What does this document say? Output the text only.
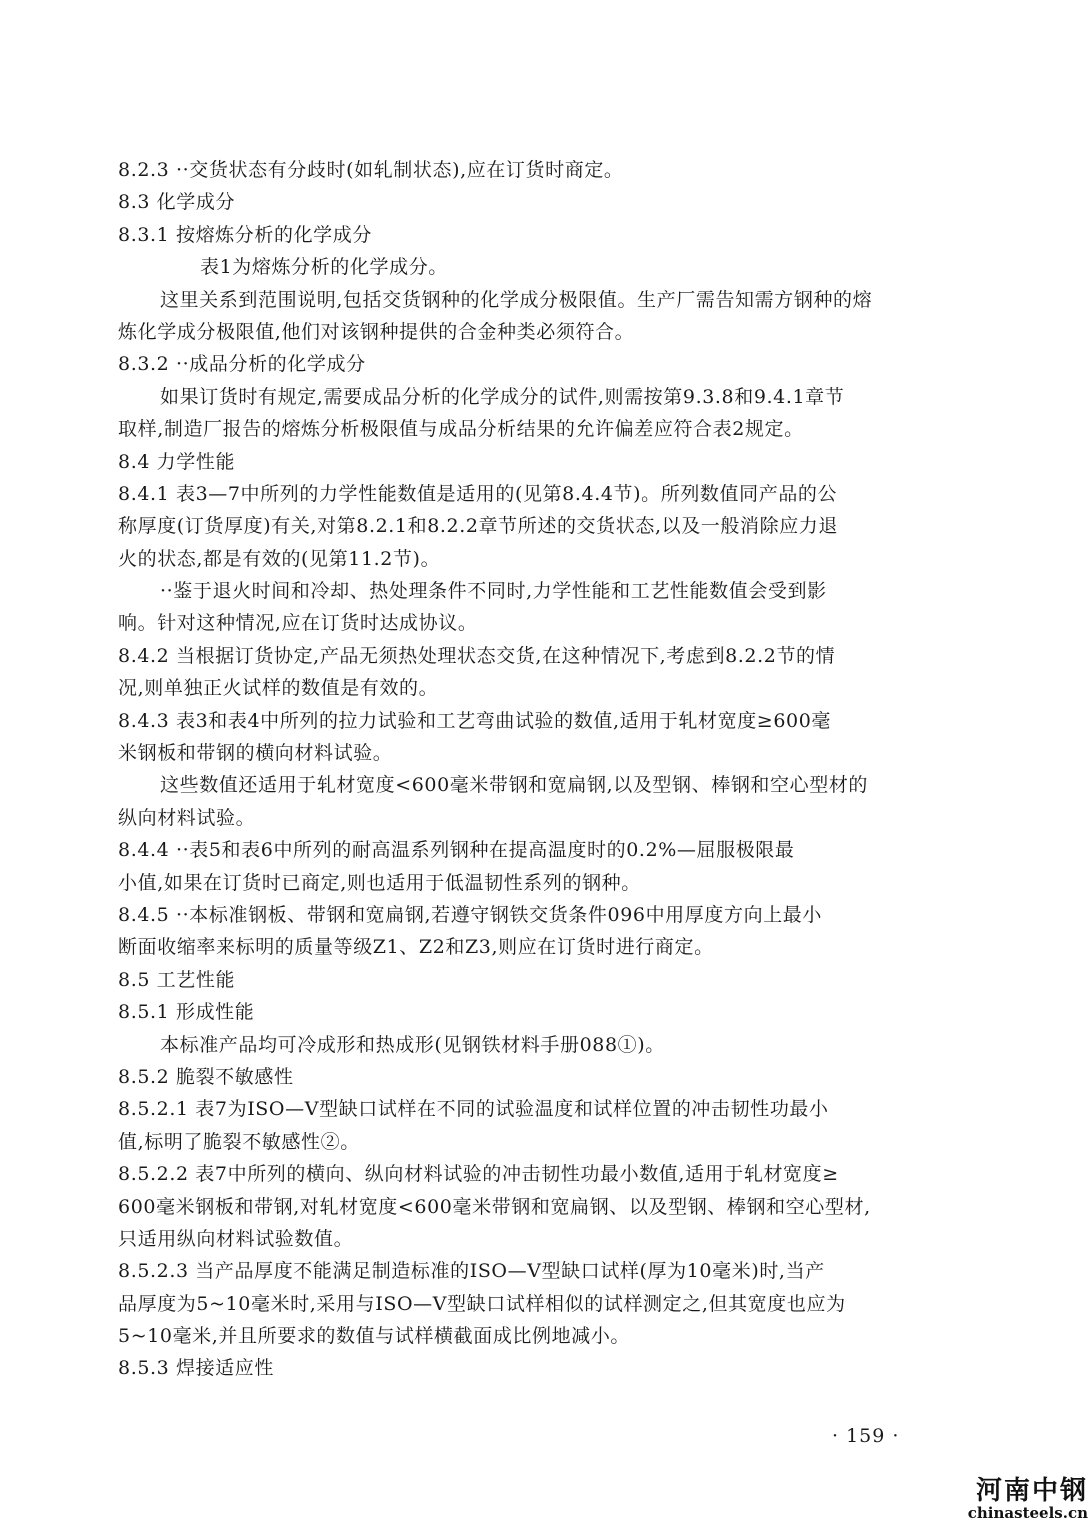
8.2.3 ··交货状态有分歧时(如轧制状态),应在订货时商定。
8.3 化学成分
8.3.1 按熔炼分析的化学成分
表1为熔炼分析的化学成分。
这里关系到范围说明,包括交货钢种的化学成分极限值。生产厂需告知需方钢种的熔
炼化学成分极限值,他们对该钢种提供的合金种类必须符合。
8.3.2 ··成品分析的化学成分
如果订货时有规定,需要成品分析的化学成分的试件,则需按第9.3.8和9.4.1章节
取样,制造厂报告的熔炼分析极限值与成品分析结果的允许偏差应符合表2规定。
8.4 力学性能
8.4.1 表3—7中所列的力学性能数值是适用的(见第8.4.4节)。所列数值同产品的公
称厚度(订货厚度)有关,对第8.2.1和8.2.2章节所述的交货状态,以及一般消除应力退
火的状态,都是有效的(见第11.2节)。
··鉴于退火时间和冷却、热处理条件不同时,力学性能和工艺性能数值会受到影
响。针对这种情况,应在订货时达成协议。
8.4.2 当根据订货协定,产品无须热处理状态交货,在这种情况下,考虑到8.2.2节的情
况,则单独正火试样的数值是有效的。
8.4.3 表3和表4中所列的拉力试验和工艺弯曲试验的数值,适用于轧材宽度≥600毫
米钢板和带钢的横向材料试验。
这些数值还适用于轧材宽度<600毫米带钢和宽扁钢,以及型钢、棒钢和空心型材的
纵向材料试验。
8.4.4 ··表5和表6中所列的耐高温系列钢种在提高温度时的0.2%—屈服极限最
小值,如果在订货时已商定,则也适用于低温韧性系列的钢种。
8.4.5 ··本标准钢板、带钢和宽扁钢,若遵守钢铁交货条件096中用厚度方向上最小
断面收缩率来标明的质量等级Z1、Z2和Z3,则应在订货时进行商定。
8.5 工艺性能
8.5.1 形成性能
本标准产品均可冷成形和热成形(见钢铁材料手册088①)。
8.5.2 脆裂不敏感性
8.5.2.1 表7为ISO—V型缺口试样在不同的试验温度和试样位置的冲击韧性功最小
值,标明了脆裂不敏感性②。
8.5.2.2 表7中所列的横向、纵向材料试验的冲击韧性功最小数值,适用于轧材宽度≥
600毫米钢板和带钢,对轧材宽度<600毫米带钢和宽扁钢、以及型钢、棒钢和空心型材,
只适用纵向材料试验数值。
8.5.2.3 当产品厚度不能满足制造标准的ISO—V型缺口试样(厚为10毫米)时,当产
品厚度为5~10毫米时,采用与ISO—V型缺口试样相似的试样测定之,但其宽度也应为
5~10毫米,并且所要求的数值与试样横截面成比例地减小。
8.5.3 焊接适应性
· 159 ·
河南中钢
chinasteels.cn
